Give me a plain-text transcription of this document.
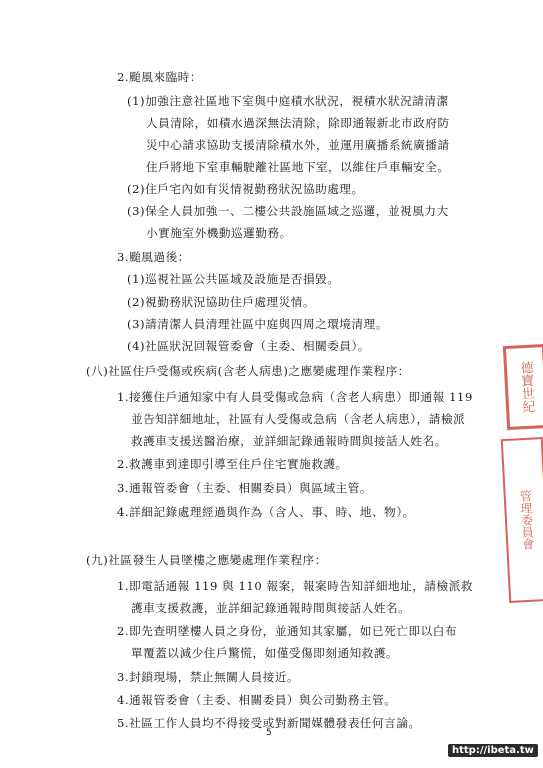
2.颱風來臨時：
(1)加強注意社區地下室與中庭積水狀況，視積水狀況請清潔
人員清除，如積水過深無法清除，除即通報新北市政府防
災中心請求協助支援清除積水外，並運用廣播系統廣播請
住戶將地下室車輛駛離社區地下室，以維住戶車輛安全。
(2)住戶宅內如有災情視勤務狀況協助處理。
(3)保全人員加強一、二樓公共設施區域之巡邏，並視風力大
小實施室外機動巡邏勤務。
3.颱風過後：
(1)巡視社區公共區域及設施是否損毀。
(2)視勤務狀況協助住戶處理災情。
(3)請清潔人員清理社區中庭與四周之環境清理。
(4)社區狀況回報管委會（主委、相關委員）。
(八)社區住戶受傷或疾病(含老人病患)之應變處理作業程序：
1.接獲住戶通知家中有人員受傷或急病（含老人病患）即通報 119
並告知詳細地址，社區有人受傷或急病（含老人病患），請檢派
救護車支援送醫治療，並詳細記錄通報時間與接話人姓名。
2.救護車到達即引導至住戶住宅實施救護。
3.通報管委會（主委、相關委員）與區域主管。
4.詳細記錄處理經過與作為（含人、事、時、地、物）。
(九)社區發生人員墜樓之應變處理作業程序：
1.即電話通報 119 與 110 報案，報案時告知詳細地址，請檢派救
護車支援救護，並詳細記錄通報時間與接話人姓名。
2.即先查明墜樓人員之身份，並通知其家屬，如已死亡即以白布
單覆蓋以減少住戶驚慌，如僅受傷即刻通知救護。
3.封鎖現場，禁止無關人員接近。
4.通報管委會（主委、相關委員）與公司勤務主管。
5.社區工作人員均不得接受或對新聞媒體發表任何言論。
5
德寶世紀
管理委員會
http://ibeta.tw
